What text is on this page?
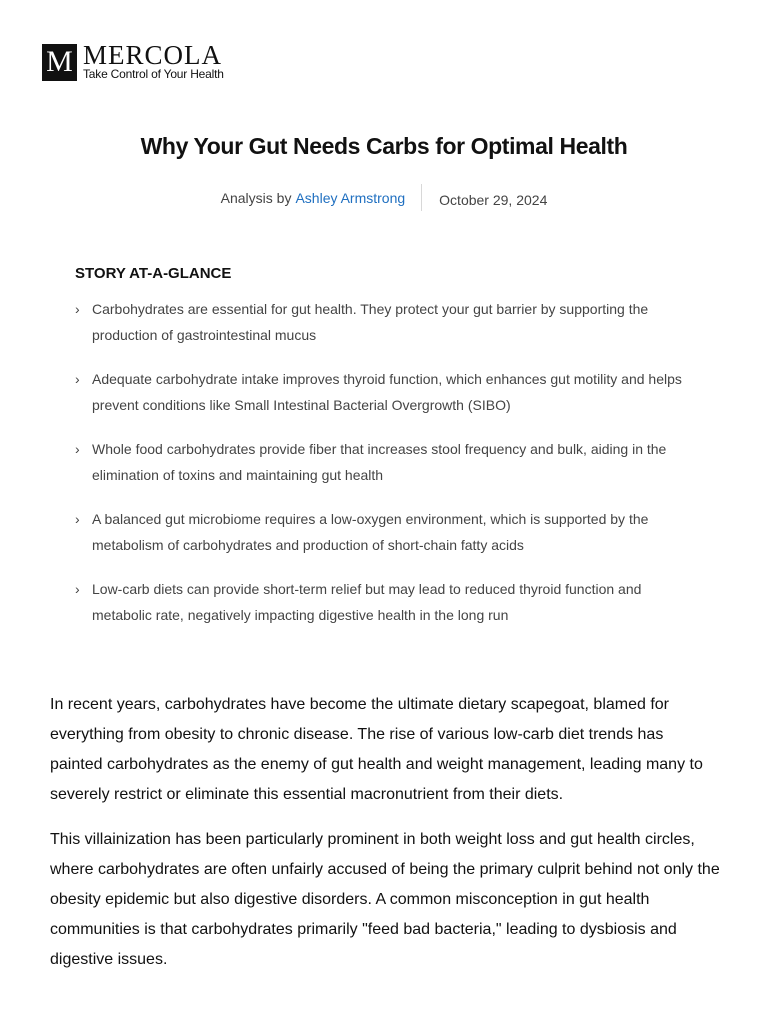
M MERCOLA
Take Control of Your Health
Why Your Gut Needs Carbs for Optimal Health
Analysis by Ashley Armstrong October 29, 2024
STORY AT-A-GLANCE
› Carbohydrates are essential for gut health. They protect your gut barrier by supporting the production of gastrointestinal mucus
› Adequate carbohydrate intake improves thyroid function, which enhances gut motility and helps prevent conditions like Small Intestinal Bacterial Overgrowth (SIBO)
› Whole food carbohydrates provide fiber that increases stool frequency and bulk, aiding in the elimination of toxins and maintaining gut health
› A balanced gut microbiome requires a low-oxygen environment, which is supported by the metabolism of carbohydrates and production of short-chain fatty acids
› Low-carb diets can provide short-term relief but may lead to reduced thyroid function and metabolic rate, negatively impacting digestive health in the long run

In recent years, carbohydrates have become the ultimate dietary scapegoat, blamed for everything from obesity to chronic disease. The rise of various low-carb diet trends has painted carbohydrates as the enemy of gut health and weight management, leading many to severely restrict or eliminate this essential macronutrient from their diets.

This villainization has been particularly prominent in both weight loss and gut health circles, where carbohydrates are often unfairly accused of being the primary culprit behind not only the obesity epidemic but also digestive disorders. A common misconception in gut health communities is that carbohydrates primarily "feed bad bacteria," leading to dysbiosis and digestive issues.
